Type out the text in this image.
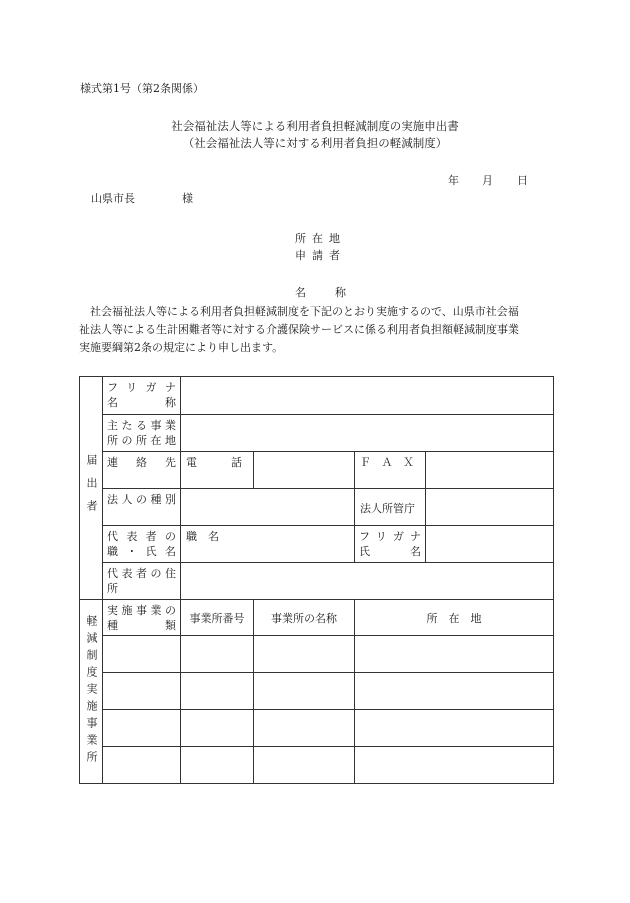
様式第1号（第2条関係）
社会福祉法人等による利用者負担軽減制度の実施申出書
（社会福祉法人等に対する利用者負担の軽減制度）
年 月 日
山県市長	様
所在地
申請者
名称

　社会福祉法人等による利用者負担軽減制度を下記のとおり実施するので、山県市社会福

祉法人等による生計困難者等に対する介護保険サービスに係る利用者負担額軽減制度事業

実施要綱第2条の規定により申し出ます。

届出者	フリガナ
名　称				

	主たる事業
所の所在地				

	連絡先	電　話		ＦＡＸ	

	法人の種別			法人所管庁	

	代表者の
職・氏名	職　名		フリガナ
氏　名	

	代表者の住
所				
軽減制度実施事業所	実施事業の
種　類	事業所番号	事業所の名称	所　在　地	
